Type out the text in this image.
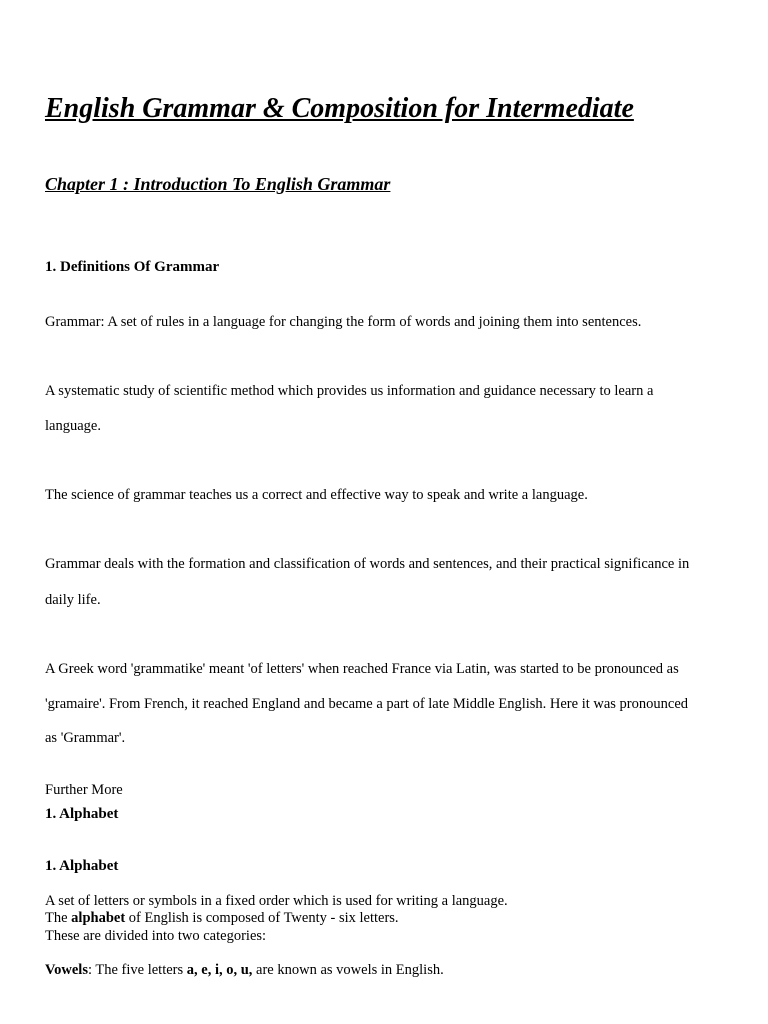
English Grammar & Composition for Intermediate
Chapter 1 : Introduction To English Grammar
1. Definitions Of Grammar
Grammar: A set of rules in a language for changing the form of words and joining them into sentences.
A systematic study of scientific method which provides us information and guidance necessary to learn a
language.
The science of grammar teaches us a correct and effective way to speak and write a language.
Grammar deals with the formation and classification of words and sentences, and their practical significance in
daily life.
A Greek word 'grammatike' meant 'of letters' when reached France via Latin, was started to be pronounced as
'gramaire'. From French, it reached England and became a part of late Middle English. Here it was pronounced
as 'Grammar'.
Further More
1. Alphabet
1. Alphabet
A set of letters or symbols in a fixed order which is used for writing a language.
The alphabet of English is composed of Twenty - six letters.
These are divided into two categories:
Vowels: The five letters a, e, i, o, u, are known as vowels in English.
